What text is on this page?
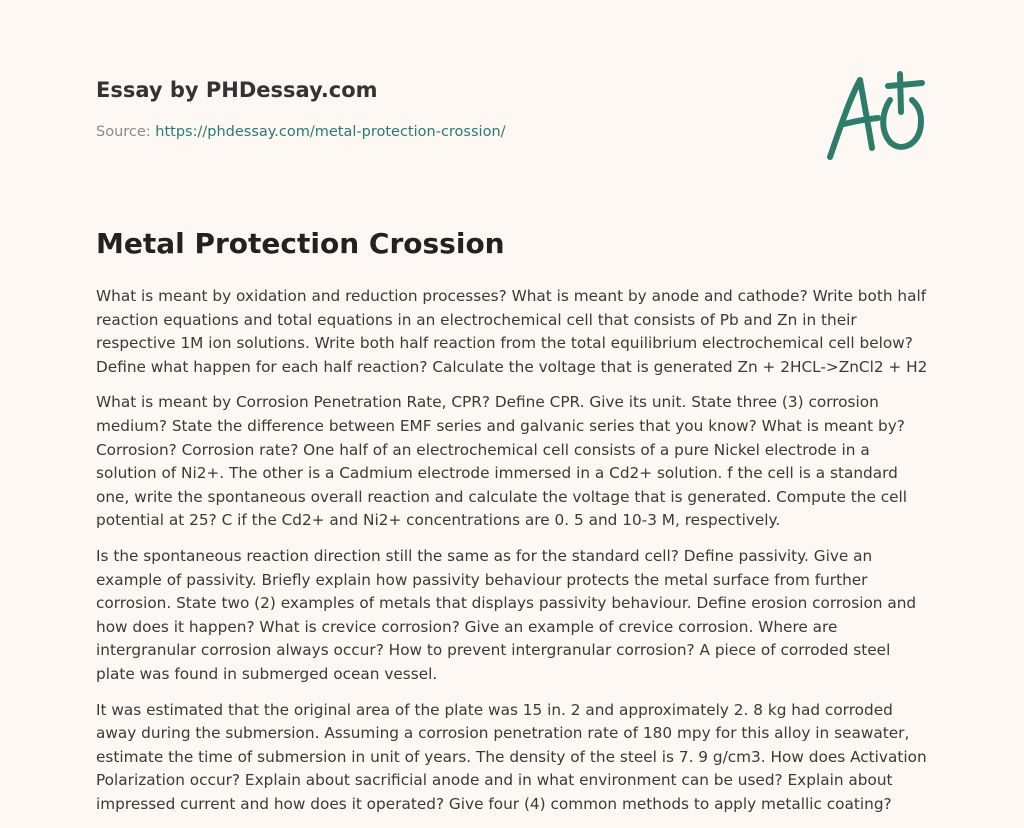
Essay by PHDessay.com
Source: https://phdessay.com/metal-protection-crossion/
Metal Protection Crossion

What is meant by oxidation and reduction processes? What is meant by anode and cathode? Write both half reaction equations and total equations in an electrochemical cell that consists of Pb and Zn in their respective 1M ion solutions. Write both half reaction from the total equilibrium electrochemical cell below? Define what happen for each half reaction? Calculate the voltage that is generated Zn + 2HCL->ZnCl2 + H2

What is meant by Corrosion Penetration Rate, CPR? Define CPR. Give its unit. State three (3) corrosion medium? State the difference between EMF series and galvanic series that you know? What is meant by? Corrosion? Corrosion rate? One half of an electrochemical cell consists of a pure Nickel electrode in a solution of Ni2+. The other is a Cadmium electrode immersed in a Cd2+ solution. f the cell is a standard one, write the spontaneous overall reaction and calculate the voltage that is generated. Compute the cell potential at 25? C if the Cd2+ and Ni2+ concentrations are 0. 5 and 10-3 M, respectively.

Is the spontaneous reaction direction still the same as for the standard cell? Define passivity. Give an example of passivity. Briefly explain how passivity behaviour protects the metal surface from further corrosion. State two (2) examples of metals that displays passivity behaviour. Define erosion corrosion and how does it happen? What is crevice corrosion? Give an example of crevice corrosion. Where are intergranular corrosion always occur? How to prevent intergranular corrosion? A piece of corroded steel plate was found in submerged ocean vessel.

It was estimated that the original area of the plate was 15 in. 2 and approximately 2. 8 kg had corroded away during the submersion. Assuming a corrosion penetration rate of 180 mpy for this alloy in seawater, estimate the time of submersion in unit of years. The density of the steel is 7. 9 g/cm3. How does Activation Polarization occur? Explain about sacrificial anode and in what environment can be used? Explain about impressed current and how does it operated? Give four (4) common methods to apply metallic coating?
